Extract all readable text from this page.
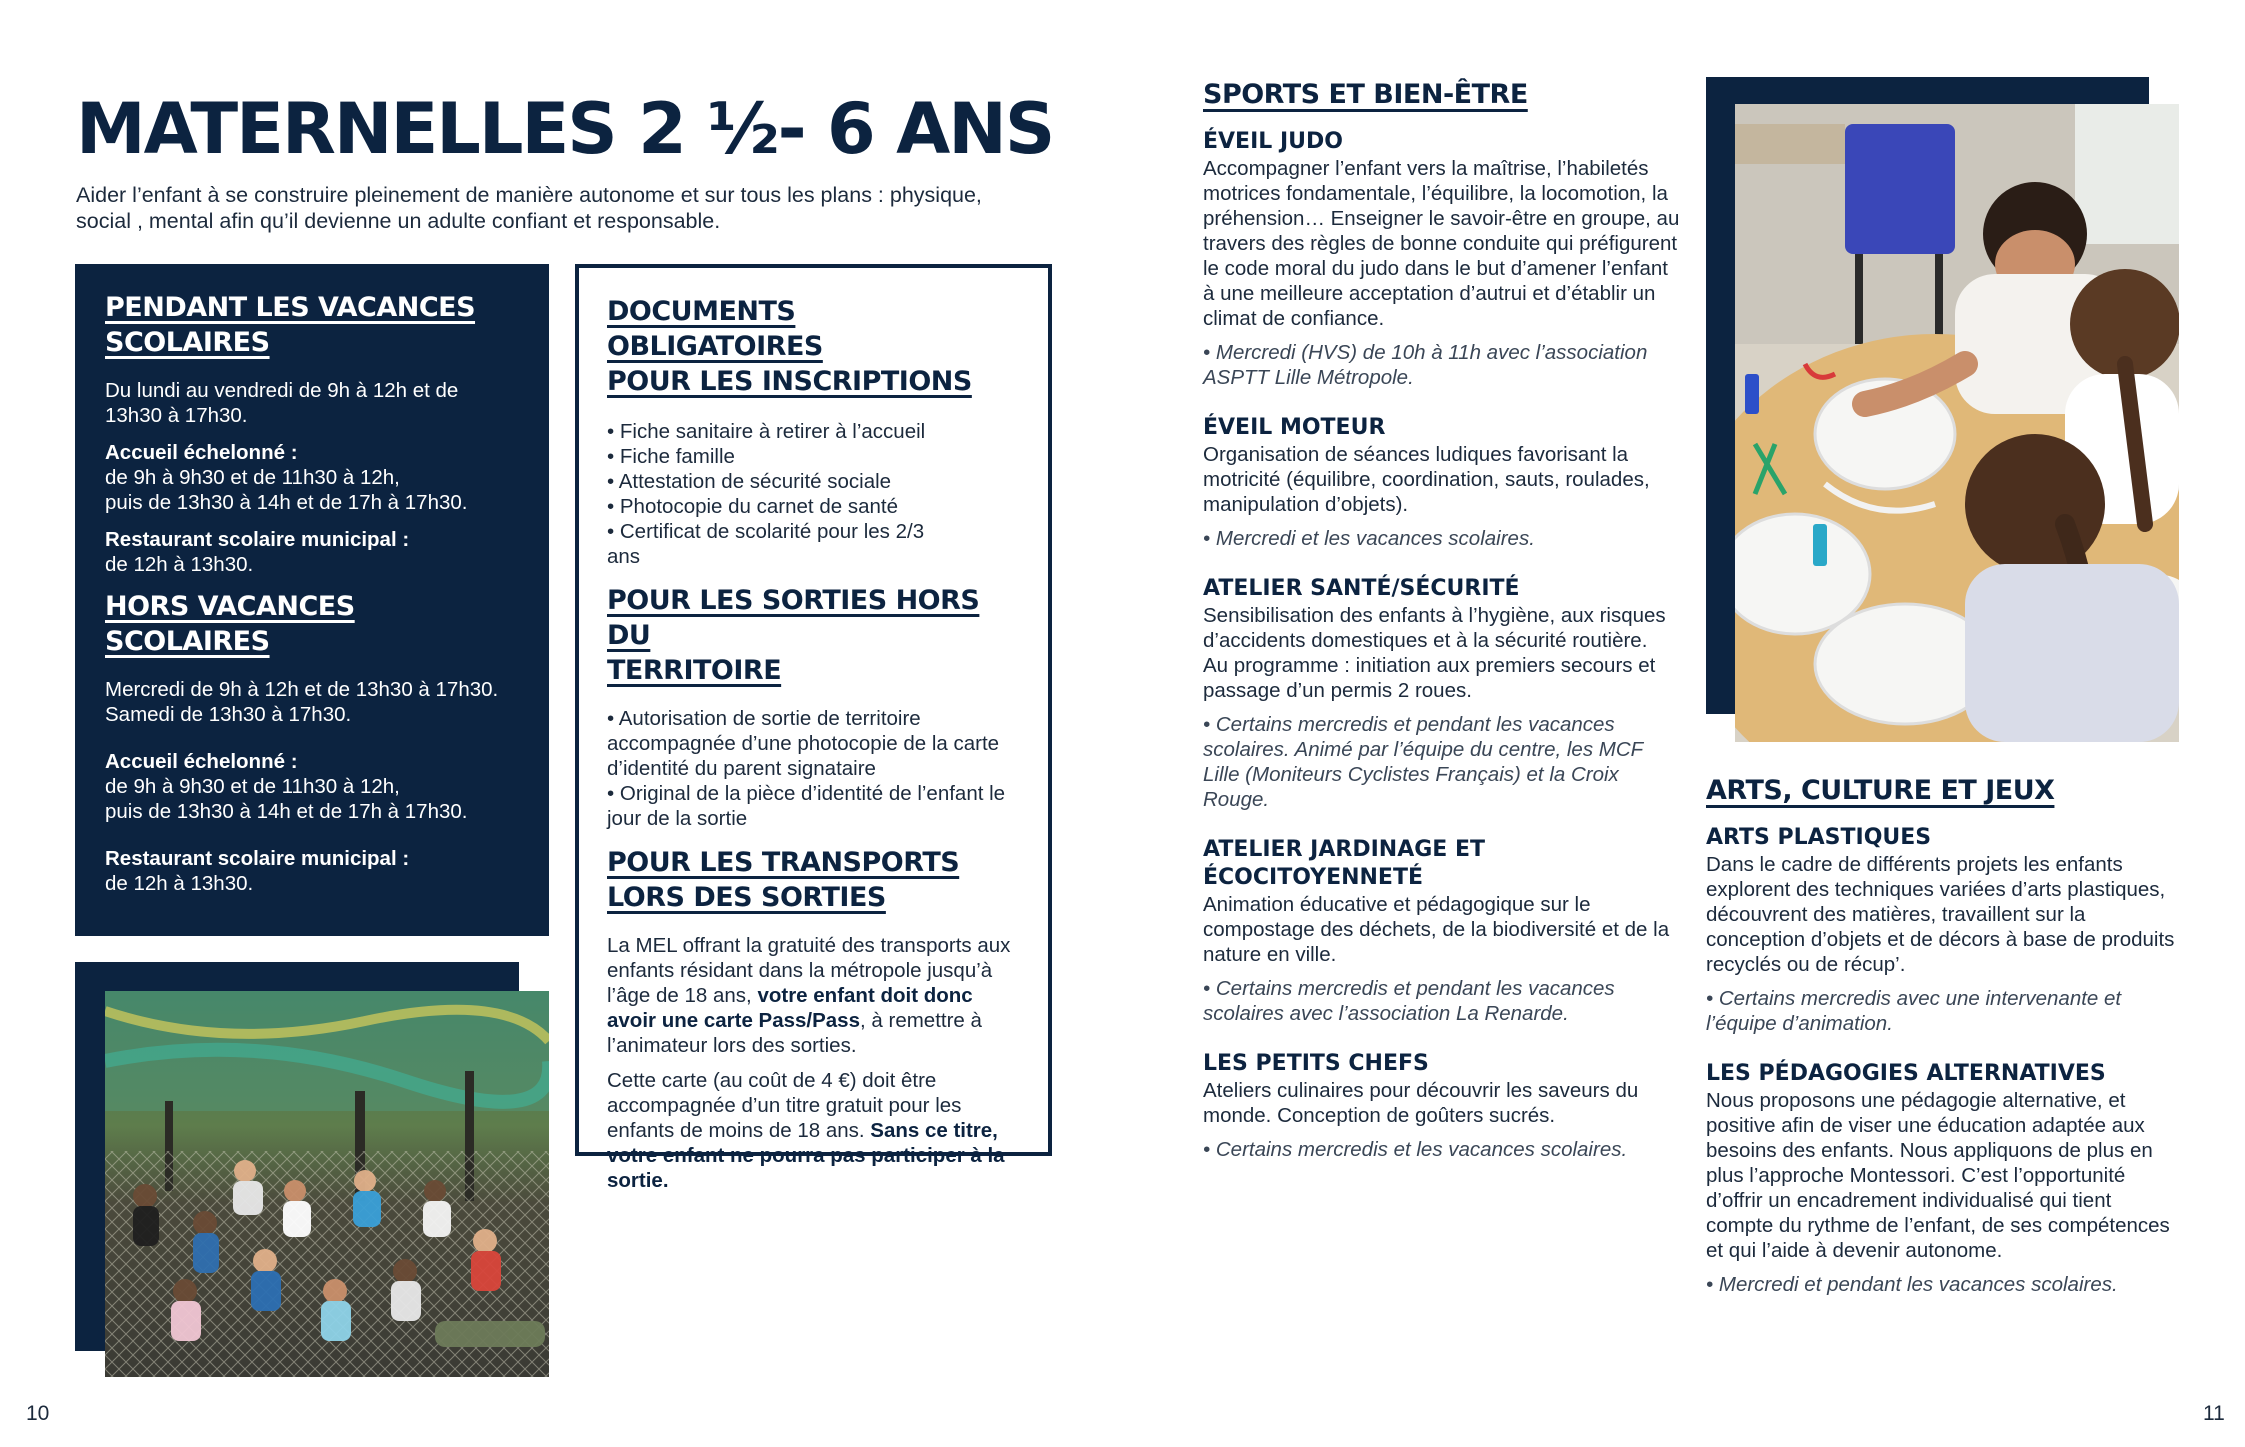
MATERNELLES 2 ½- 6 ANS

Aider l’enfant à se construire pleinement de manière autonome et sur tous les plans : physique, social , mental afin qu’il devienne un adulte confiant et responsable.

PENDANT LES VACANCES
SCOLAIRES

Du lundi au vendredi de 9h à 12h et de 13h30 à 17h30.

Accueil échelonné :
de 9h à 9h30 et de 11h30 à 12h,
puis de 13h30 à 14h et de 17h à 17h30.

Restaurant scolaire municipal :
de 12h à 13h30.

HORS VACANCES
SCOLAIRES

Mercredi de 9h à 12h et de 13h30 à 17h30. Samedi de 13h30 à 17h30.

Accueil échelonné :
de 9h à 9h30 et de 11h30 à 12h,
puis de 13h30 à 14h et de 17h à 17h30.

Restaurant scolaire municipal :
de 12h à 13h30.

DOCUMENTS OBLIGATOIRES
POUR LES INSCRIPTIONS

• Fiche sanitaire à retirer à l’accueil

• Fiche famille

• Attestation de sécurité sociale

• Photocopie du carnet de santé

• Certificat de scolarité pour les 2/3 ans

POUR LES SORTIES HORS DU
TERRITOIRE

• Autorisation de sortie de territoire accompagnée d’une photocopie de la carte d’identité du parent signataire

• Original de la pièce d’identité de l’enfant le jour de la sortie

POUR LES TRANSPORTS
LORS DES SORTIES

La MEL offrant la gratuité des transports aux enfants résidant dans la métropole jusqu’à l’âge de 18 ans, votre enfant doit donc avoir une carte Pass/Pass, à remettre à l’animateur lors des sorties.

Cette carte (au coût de 4 €) doit être accompagnée d’un titre gratuit pour les enfants de moins de 18 ans. Sans ce titre, votre enfant ne pourra pas participer à la sortie.

10
SPORTS ET BIEN-ÊTRE
ÉVEIL JUDO

Accompagner l’enfant vers la maîtrise, l’habiletés motrices fondamentale, l’équilibre, la locomotion, la préhension… Enseigner le savoir-être en groupe, au travers des règles de bonne conduite qui préfigurent le code moral du judo dans le but d’amener l’enfant à une meilleure acceptation d’autrui et d’établir un climat de confiance.

• Mercredi (HVS) de 10h à 11h avec l’association ASPTT Lille Métropole.

ÉVEIL MOTEUR

Organisation de séances ludiques favorisant la motricité (équilibre, coordination, sauts, roulades, manipulation d’objets).

• Mercredi et les vacances scolaires.

ATELIER SANTÉ/SÉCURITÉ

Sensibilisation des enfants à l’hygiène, aux risques d’accidents domestiques et à la sécurité routière.

Au programme : initiation aux premiers secours et passage d’un permis 2 roues.

• Certains mercredis et pendant les vacances scolaires. Animé par l’équipe du centre, les MCF Lille (Moniteurs Cyclistes Français) et la Croix Rouge.

ATELIER JARDINAGE ET ÉCOCITOYENNETÉ

Animation éducative et pédagogique sur le compostage des déchets, de la biodiversité et de la nature en ville.

• Certains mercredis et pendant les vacances scolaires avec l’association La Renarde.

LES PETITS CHEFS

Ateliers culinaires pour découvrir les saveurs du monde. Conception de goûters sucrés.

• Certains mercredis et les vacances scolaires.

ARTS, CULTURE ET JEUX
ARTS PLASTIQUES

Dans le cadre de différents projets les enfants explorent des techniques variées d’arts plastiques, découvrent des matières, travaillent sur la conception d’objets et de décors à base de produits recyclés ou de récup’.

• Certains mercredis avec une intervenante et l’équipe d’animation.

LES PÉDAGOGIES ALTERNATIVES

Nous proposons une pédagogie alternative, et positive afin de viser une éducation adaptée aux besoins des enfants. Nous appliquons de plus en plus l’approche Montessori. C’est l’opportunité d’offrir un encadrement individualisé qui tient compte du rythme de l’enfant, de ses compétences et qui l’aide à devenir autonome.

• Mercredi et pendant les vacances scolaires.

11
